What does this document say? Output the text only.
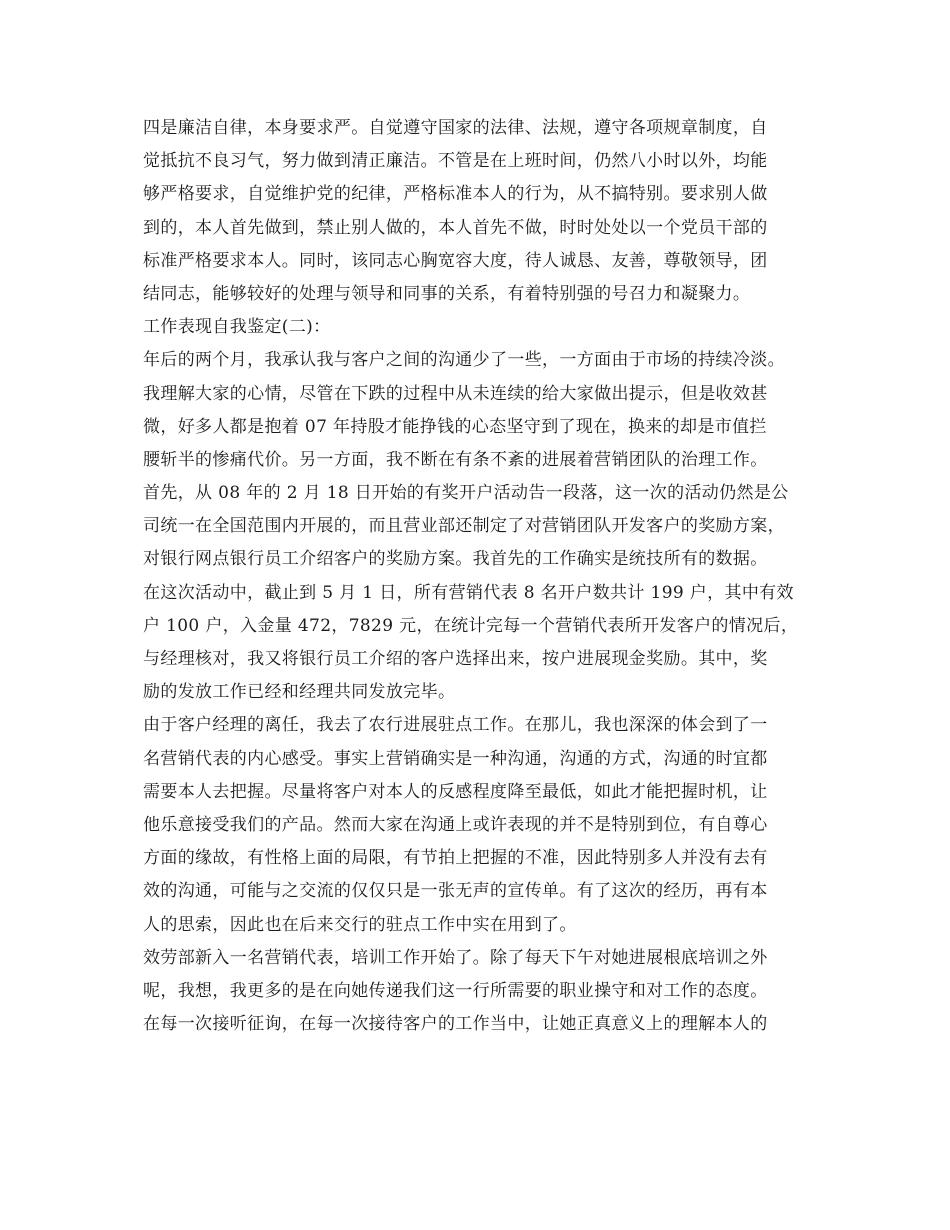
四是廉洁自律，本身要求严。自觉遵守国家的法律、法规，遵守各项规章制度，自
觉抵抗不良习气，努力做到清正廉洁。不管是在上班时间，仍然八小时以外，均能
够严格要求，自觉维护党的纪律，严格标准本人的行为，从不搞特别。要求别人做
到的，本人首先做到，禁止别人做的，本人首先不做，时时处处以一个党员干部的
标准严格要求本人。同时，该同志心胸宽容大度，待人诚恳、友善，尊敬领导，团
结同志，能够较好的处理与领导和同事的关系，有着特别强的号召力和凝聚力。
工作表现自我鉴定(二)：
年后的两个月，我承认我与客户之间的沟通少了一些，一方面由于市场的持续冷淡。
我理解大家的心情，尽管在下跌的过程中从未连续的给大家做出提示，但是收效甚
微，好多人都是抱着 07 年持股才能挣钱的心态坚守到了现在，换来的却是市值拦
腰斩半的惨痛代价。另一方面，我不断在有条不紊的进展着营销团队的治理工作。
首先，从 08 年的 2 月 18 日开始的有奖开户活动告一段落，这一次的活动仍然是公
司统一在全国范围内开展的，而且营业部还制定了对营销团队开发客户的奖励方案，
对银行网点银行员工介绍客户的奖励方案。我首先的工作确实是统技所有的数据。
在这次活动中，截止到 5 月 1 日，所有营销代表 8 名开户数共计 199 户，其中有效
户 100 户，入金量 472，7829 元，在统计完每一个营销代表所开发客户的情况后，
与经理核对，我又将银行员工介绍的客户选择出来，按户进展现金奖励。其中，奖
励的发放工作已经和经理共同发放完毕。
由于客户经理的离任，我去了农行进展驻点工作。在那儿，我也深深的体会到了一
名营销代表的内心感受。事实上营销确实是一种沟通，沟通的方式，沟通的时宜都
需要本人去把握。尽量将客户对本人的反感程度降至最低，如此才能把握时机，让
他乐意接受我们的产品。然而大家在沟通上或许表现的并不是特别到位，有自尊心
方面的缘故，有性格上面的局限，有节拍上把握的不准，因此特别多人并没有去有
效的沟通，可能与之交流的仅仅只是一张无声的宣传单。有了这次的经历，再有本
人的思索，因此也在后来交行的驻点工作中实在用到了。
效劳部新入一名营销代表，培训工作开始了。除了每天下午对她进展根底培训之外
呢，我想，我更多的是在向她传递我们这一行所需要的职业操守和对工作的态度。
在每一次接听征询，在每一次接待客户的工作当中，让她正真意义上的理解本人的
